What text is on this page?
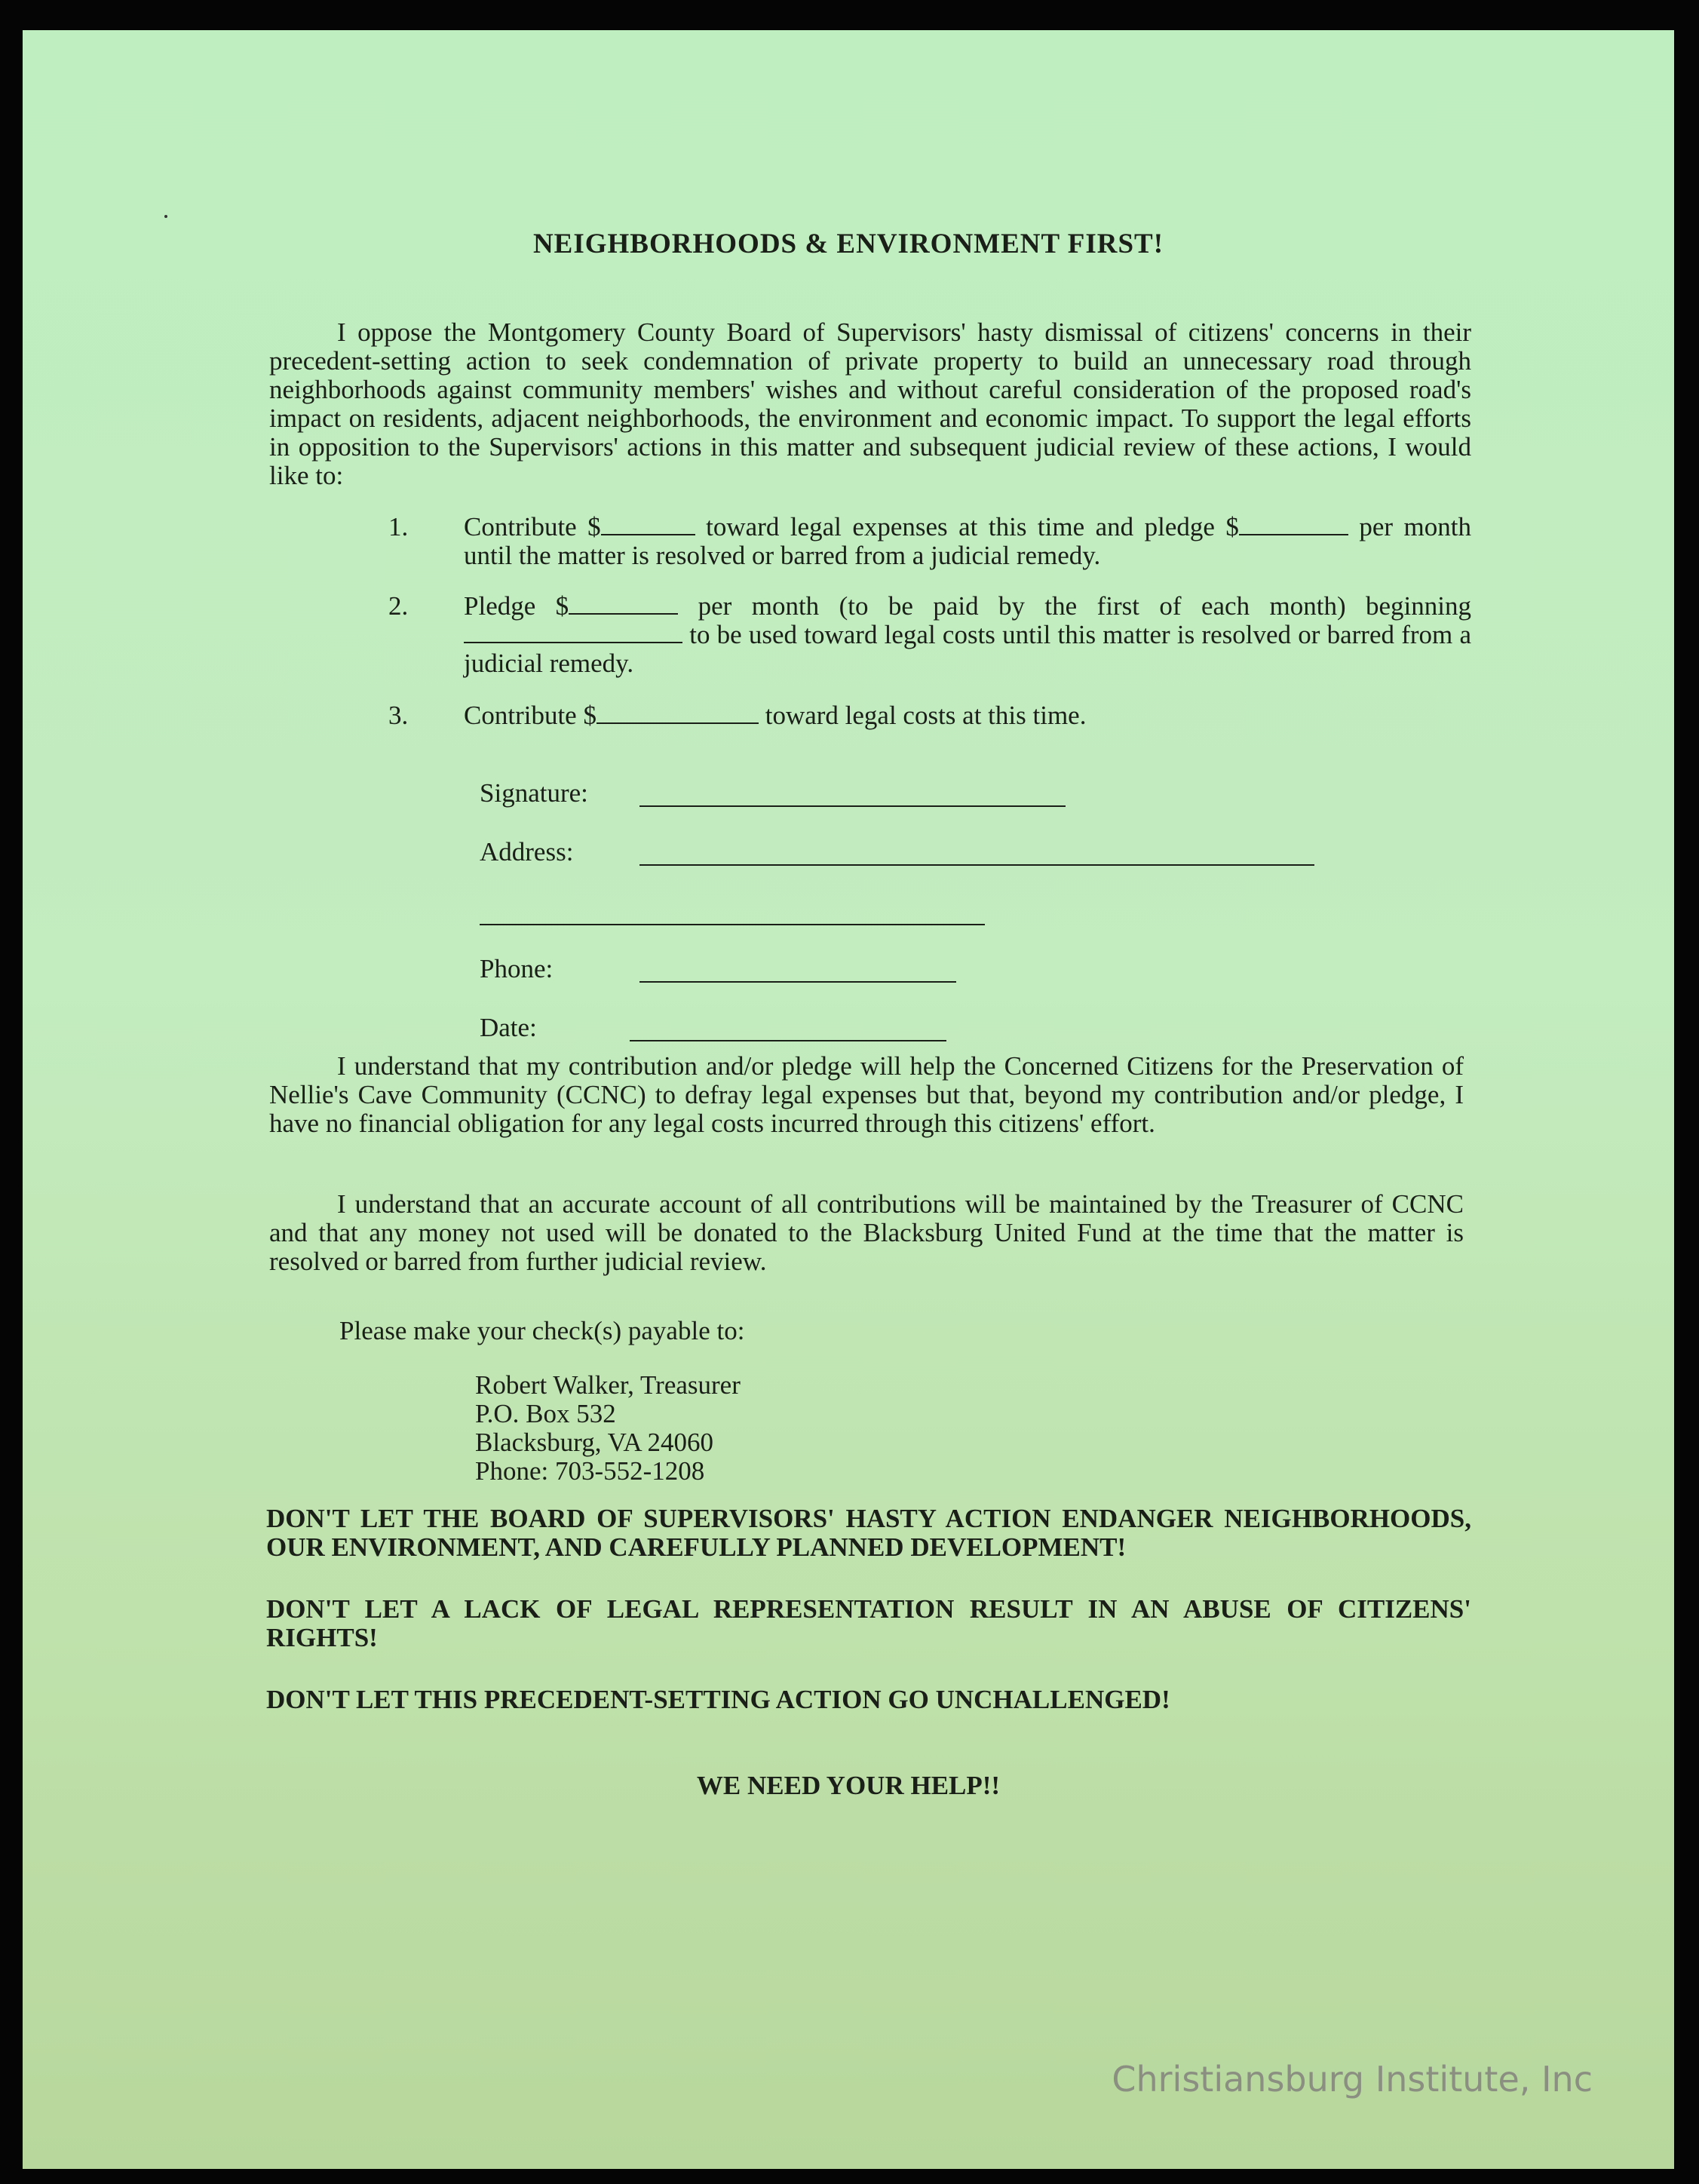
NEIGHBORHOODS & ENVIRONMENT FIRST!

I oppose the Montgomery County Board of Supervisors' hasty dismissal of citizens' concerns in their precedent-setting action to seek condemnation of private property to build an unnecessary road through neighborhoods against community members' wishes and without careful consideration of the proposed road's impact on residents, adjacent neighborhoods, the environment and economic impact. To support the legal efforts in opposition to the Supervisors' actions in this matter and subsequent judicial review of these actions, I would like to:

1. Contribute $	toward legal expenses at this time and pledge $	per month until the matter is resolved or barred from a judicial remedy.
2. Pledge $	per month (to be paid by the first of each month) beginning  to be used toward legal costs until this matter is resolved or barred from a judicial remedy.
3. Contribute $	toward legal costs at this time.
Signature:
Address:
Phone:
Date:

I understand that my contribution and/or pledge will help the Concerned Citizens for the Preservation of Nellie's Cave Community (CCNC) to defray legal expenses but that, beyond my contribution and/or pledge, I have no financial obligation for any legal costs incurred through this citizens' effort.

I understand that an accurate account of all contributions will be maintained by the Treasurer of CCNC and that any money not used will be donated to the Blacksburg United Fund at the time that the matter is resolved or barred from further judicial review.

Please make your check(s) payable to:
Robert Walker, Treasurer
P.O. Box 532
Blacksburg, VA 24060
Phone: 703-552-1208

DON'T LET THE BOARD OF SUPERVISORS' HASTY ACTION ENDANGER NEIGHBORHOODS, OUR ENVIRONMENT, AND CAREFULLY PLANNED DEVELOPMENT!

DON'T LET A LACK OF LEGAL REPRESENTATION RESULT IN AN ABUSE OF CITIZENS' RIGHTS!

DON'T LET THIS PRECEDENT-SETTING ACTION GO UNCHALLENGED!

WE NEED YOUR HELP!!
Christiansburg Institute, Inc
